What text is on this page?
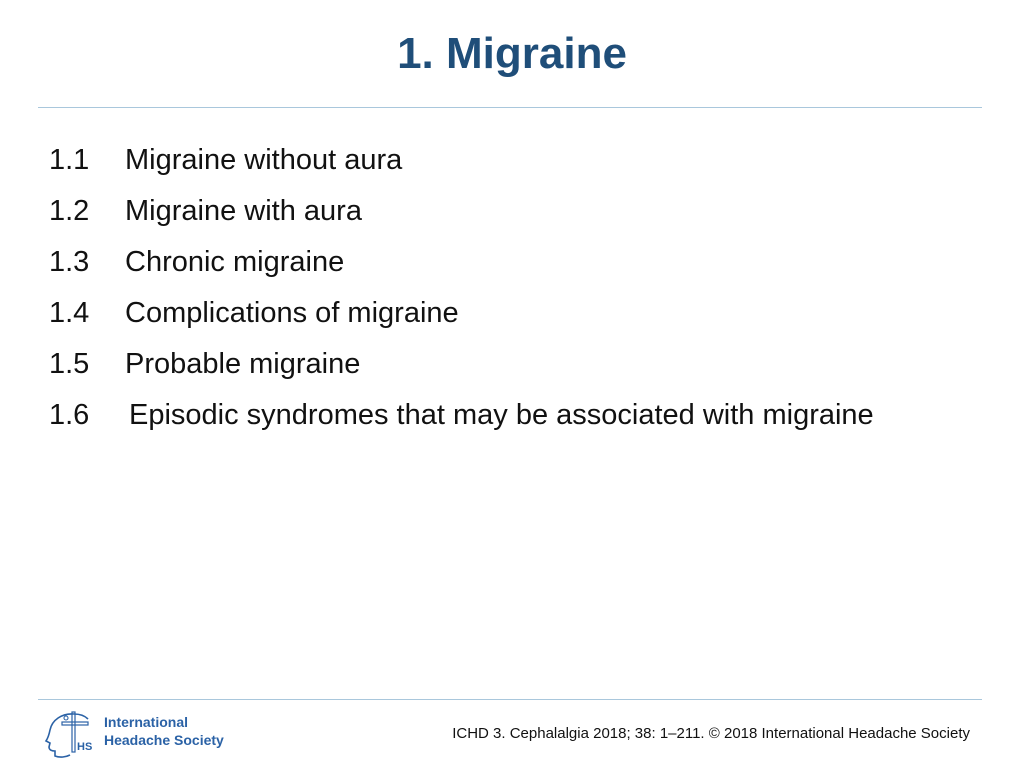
1. Migraine
1.1	Migraine without aura
1.2	Migraine with aura
1.3	Chronic migraine
1.4	Complications of migraine
1.5	Probable migraine
1.6	Episodic syndromes that may be associated with migraine
HS
International
Headache Society	ICHD 3. Cephalalgia 2018; 38: 1–211. © 2018 International Headache Society
